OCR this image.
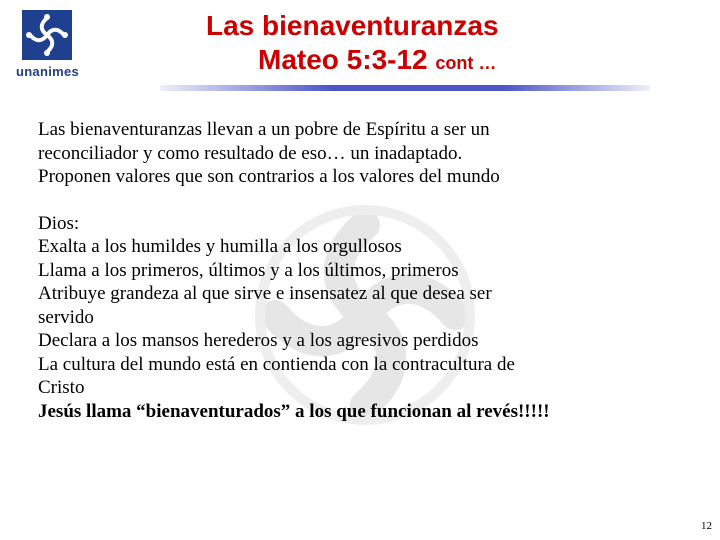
unanimes
Las bienaventuranzas
Mateo 5:3-12 cont …

Las bienaventuranzas llevan a un pobre de Espíritu a ser un

reconciliador y como resultado de eso… un inadaptado.

Proponen valores que son contrarios a los valores del mundo

Dios:

Exalta a los humildes y humilla a los orgullosos

Llama a los primeros, últimos y a los últimos, primeros

Atribuye grandeza al que sirve e insensatez al que desea ser

servido

Declara a los mansos herederos y a los agresivos perdidos

La cultura del mundo está en contienda con la contracultura de

Cristo

Jesús llama “bienaventurados” a los que funcionan al revés!!!!!

12
